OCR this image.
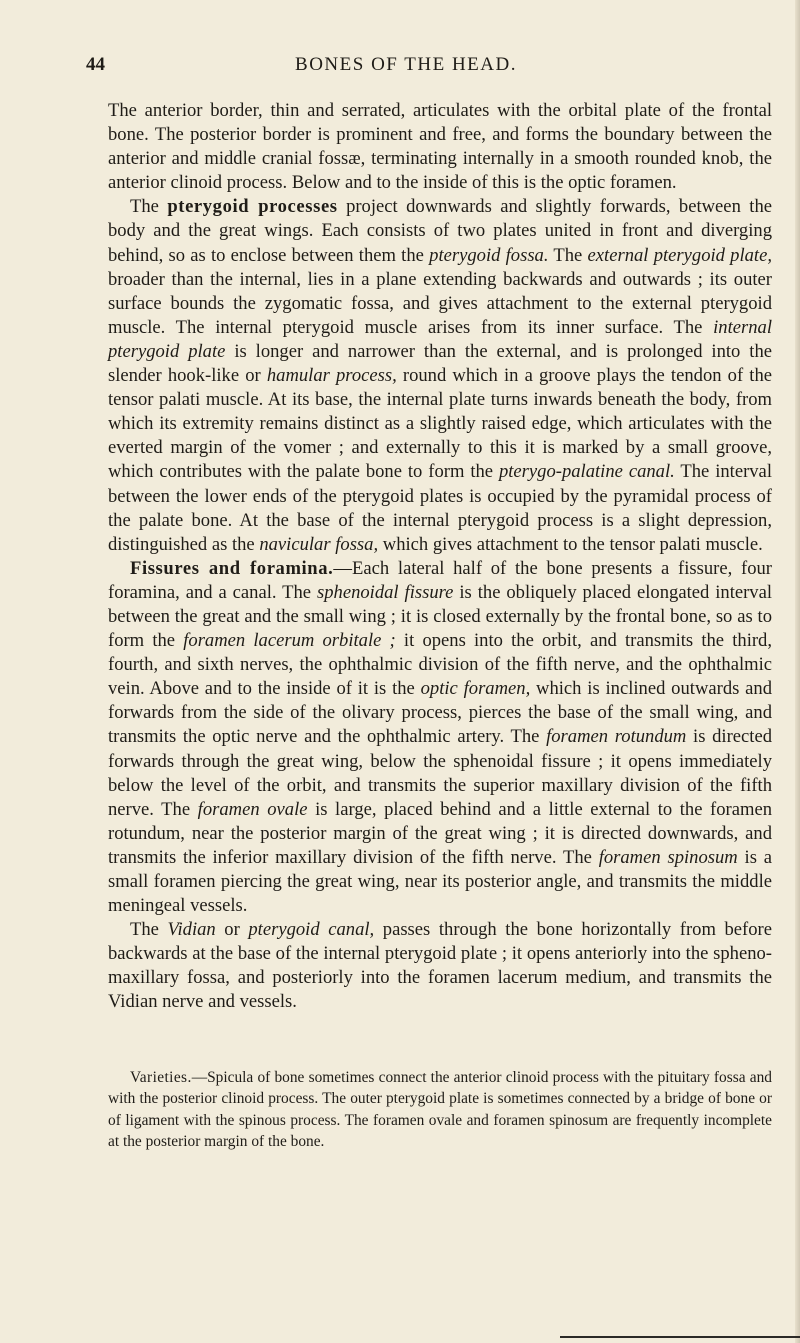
44	BONES OF THE HEAD.

The anterior border, thin and serrated, articulates with the orbital plate of the frontal bone. The posterior border is prominent and free, and forms the boundary between the anterior and middle cranial fossæ, terminating internally in a smooth rounded knob, the anterior clinoid process. Below and to the inside of this is the optic foramen.

The pterygoid processes project downwards and slightly forwards, between the body and the great wings. Each consists of two plates united in front and diverging behind, so as to enclose between them the pterygoid fossa. The external pterygoid plate, broader than the internal, lies in a plane extending backwards and outwards ; its outer surface bounds the zygomatic fossa, and gives attachment to the external pterygoid muscle. The internal pterygoid muscle arises from its inner surface. The internal pterygoid plate is longer and narrower than the external, and is prolonged into the slender hook-like or hamular process, round which in a groove plays the tendon of the tensor palati muscle. At its base, the internal plate turns inwards beneath the body, from which its extremity remains distinct as a slightly raised edge, which articulates with the everted margin of the vomer ; and externally to this it is marked by a small groove, which contributes with the palate bone to form the pterygo-palatine canal. The interval between the lower ends of the pterygoid plates is occupied by the pyramidal process of the palate bone. At the base of the internal pterygoid process is a slight depression, distinguished as the navicular fossa, which gives attachment to the tensor palati muscle.

Fissures and foramina.—Each lateral half of the bone presents a fissure, four foramina, and a canal. The sphenoidal fissure is the obliquely placed elongated interval between the great and the small wing ; it is closed externally by the frontal bone, so as to form the foramen lacerum orbitale ; it opens into the orbit, and transmits the third, fourth, and sixth nerves, the ophthalmic division of the fifth nerve, and the ophthalmic vein. Above and to the inside of it is the optic foramen, which is inclined outwards and forwards from the side of the olivary process, pierces the base of the small wing, and transmits the optic nerve and the ophthalmic artery. The foramen rotundum is directed forwards through the great wing, below the sphenoidal fissure ; it opens immediately below the level of the orbit, and transmits the superior maxillary division of the fifth nerve. The foramen ovale is large, placed behind and a little external to the foramen rotundum, near the posterior margin of the great wing ; it is directed downwards, and transmits the inferior maxillary division of the fifth nerve. The foramen spinosum is a small foramen piercing the great wing, near its posterior angle, and transmits the middle meningeal vessels.

The Vidian or pterygoid canal, passes through the bone horizontally from before backwards at the base of the internal pterygoid plate ; it opens anteriorly into the spheno-maxillary fossa, and posteriorly into the foramen lacerum medium, and transmits the Vidian nerve and vessels.

Varieties.—Spicula of bone sometimes connect the anterior clinoid process with the pituitary fossa and with the posterior clinoid process. The outer pterygoid plate is sometimes connected by a bridge of bone or of ligament with the spinous process. The foramen ovale and foramen spinosum are frequently incomplete at the posterior margin of the bone.
